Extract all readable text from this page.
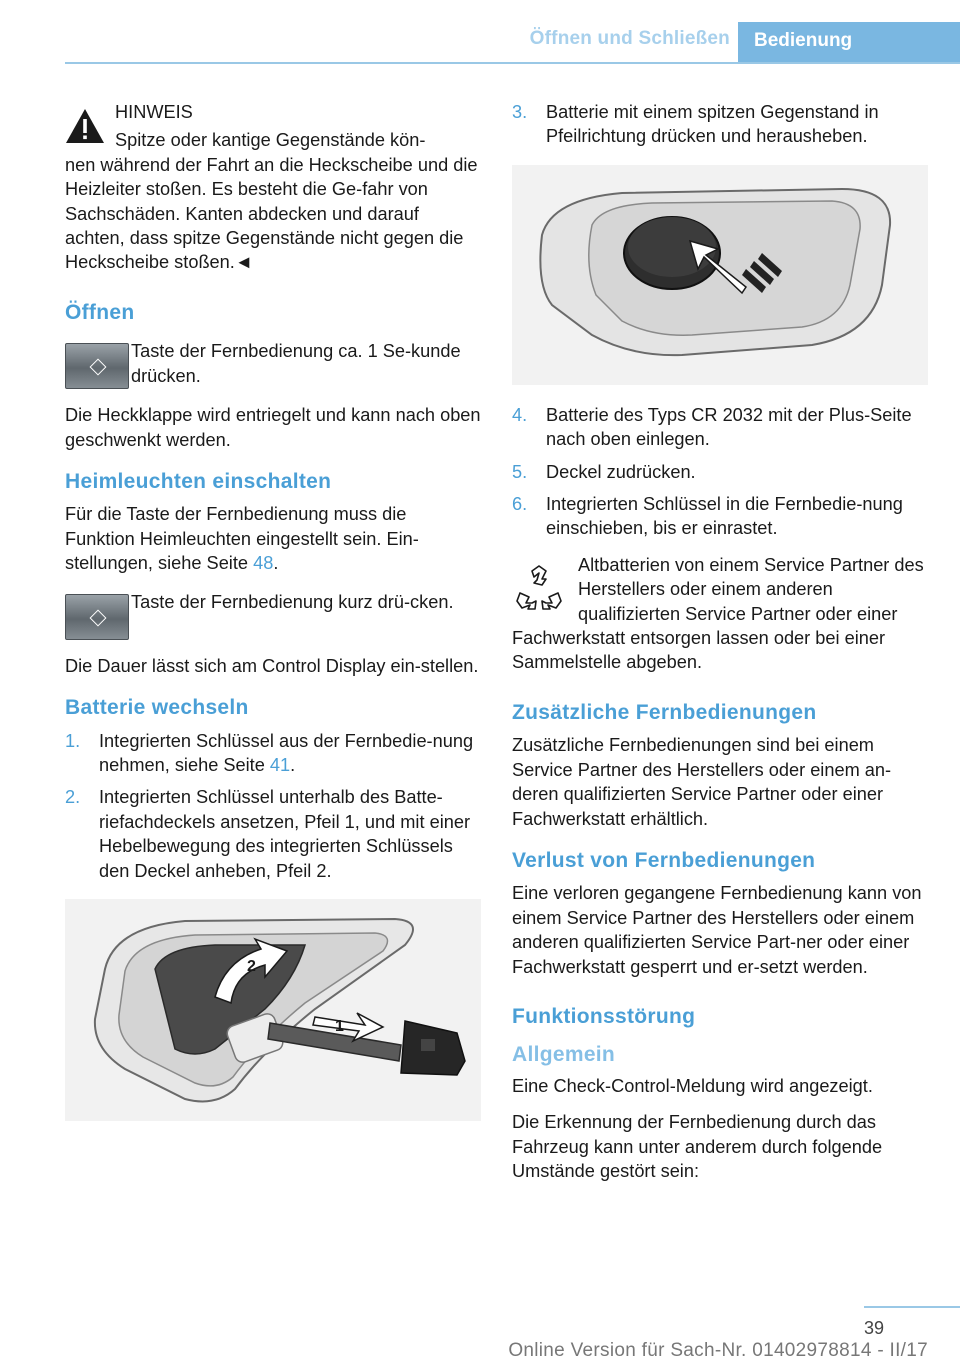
Öffnen und Schließen	Bedienung

HINWEIS

Spitze oder kantige Gegenstände kön-
nen während der Fahrt an die Heckscheibe und die Heizleiter stoßen. Es besteht die Ge-fahr von Sachschäden. Kanten abdecken und darauf achten, dass spitze Gegenstände nicht gegen die Heckscheibe stoßen.◄
Öffnen

Taste der Fernbedienung ca. 1 Se-kunde drücken.

Die Heckklappe wird entriegelt und kann nach oben geschwenkt werden.

Heimleuchten einschalten

Für die Taste der Fernbedienung muss die Funktion Heimleuchten eingestellt sein. Ein-stellungen, siehe Seite 48.

Taste der Fernbedienung kurz drü-cken.

Die Dauer lässt sich am Control Display ein-stellen.

Batterie wechseln
1. Integrierten Schlüssel aus der Fernbedie-nung nehmen, siehe Seite 41.
2. Integrierten Schlüssel unterhalb des Batte-riefachdeckels ansetzen, Pfeil 1, und mit einer Hebelbewegung des integrierten Schlüssels den Deckel anheben, Pfeil 2.
1
2
3. Batterie mit einem spitzen Gegenstand in Pfeilrichtung drücken und herausheben.
4. Batterie des Typs CR 2032 mit der Plus-Seite nach oben einlegen.
5. Deckel zudrücken.
6. Integrierten Schlüssel in die Fernbedie-nung einschieben, bis er einrastet.
Altbatterien von einem Service Partner des Herstellers oder einem anderen qualifizierten Service Partner oder einer
Fachwerkstatt entsorgen lassen oder bei einer Sammelstelle abgeben.
Zusätzliche Fernbedienungen

Zusätzliche Fernbedienungen sind bei einem Service Partner des Herstellers oder einem an-deren qualifizierten Service Partner oder einer Fachwerkstatt erhältlich.

Verlust von Fernbedienungen

Eine verloren gegangene Fernbedienung kann von einem Service Partner des Herstellers oder einem anderen qualifizierten Service Part-ner oder einer Fachwerkstatt gesperrt und er-setzt werden.

Funktionsstörung
Allgemein

Eine Check-Control-Meldung wird angezeigt.

Die Erkennung der Fernbedienung durch das Fahrzeug kann unter anderem durch folgende Umstände gestört sein:

39
Online Version für Sach-Nr. 01402978814 - II/17
